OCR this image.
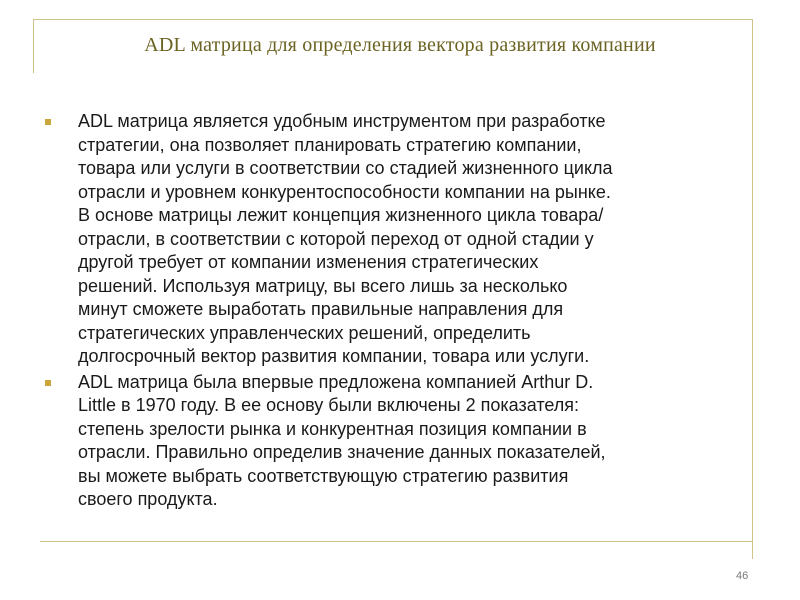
ADL матрица для определения вектора развития компании
ADL матрица является удобным инструментом при разработке
стратегии, она позволяет планировать стратегию компании,
товара или услуги в соответствии со стадией жизненного цикла
отрасли и уровнем конкурентоспособности компании на рынке.
В основе матрицы лежит концепция жизненного цикла товара/
отрасли, в соответствии с которой переход от одной стадии у
другой требует от компании изменения стратегических
решений. Используя матрицу, вы всего лишь за несколько
минут сможете выработать правильные направления для
стратегических управленческих решений, определить
долгосрочный вектор развития компании, товара или услуги.
ADL матрица была впервые предложена компанией Arthur D.
Little в 1970 году. В ее основу были включены 2 показателя:
степень зрелости рынка и конкурентная позиция компании в
отрасли. Правильно определив значение данных показателей,
вы можете выбрать соответствующую стратегию развития
своего продукта.
46
